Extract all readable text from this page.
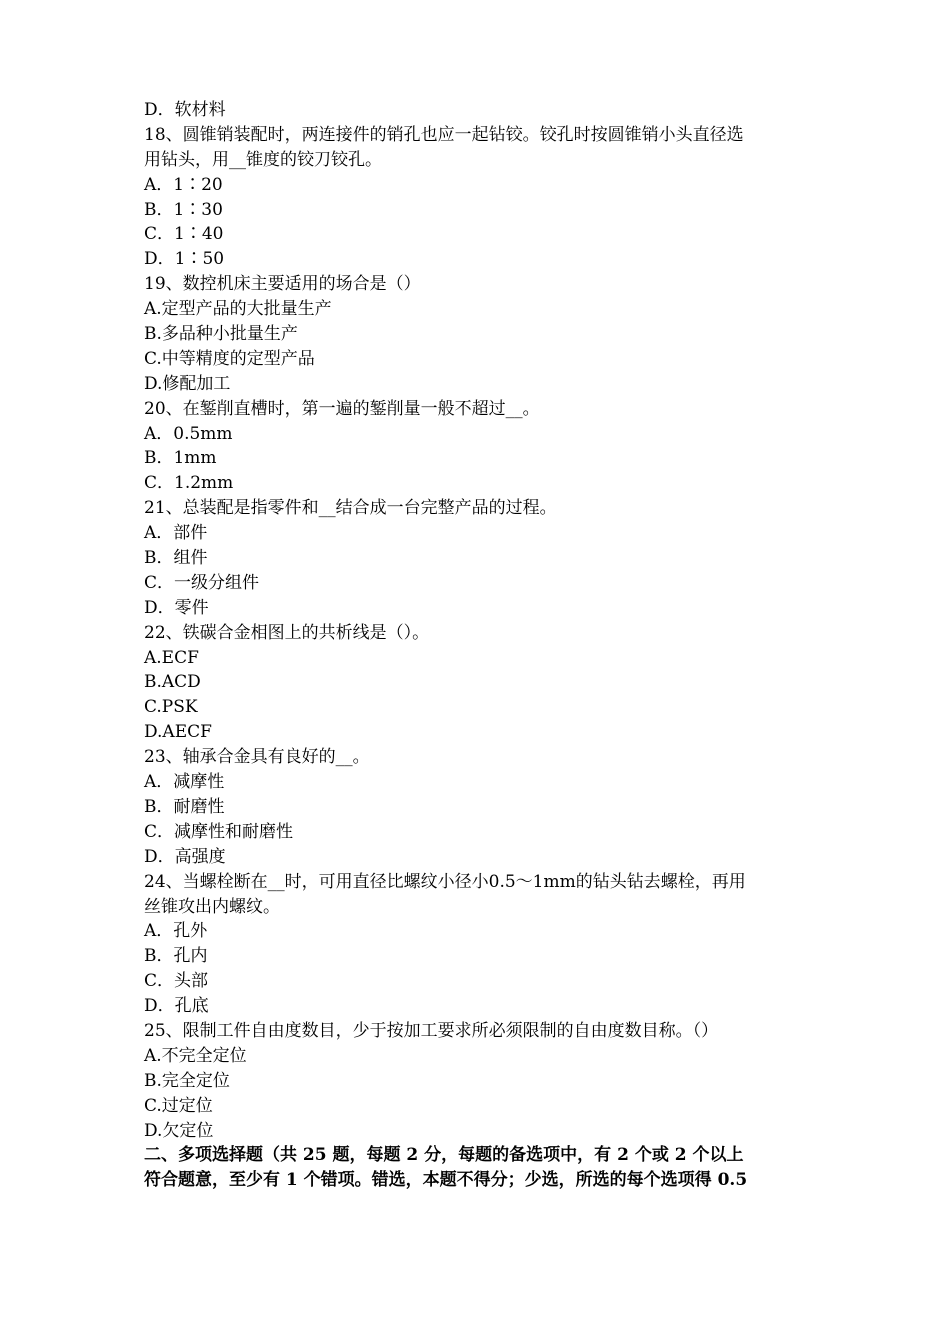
D．软材料
18、圆锥销装配时，两连接件的销孔也应一起钻铰。铰孔时按圆锥销小头直径选
用钻头，用__锥度的铰刀铰孔。
A．1∶20
B．1∶30
C．1∶40
D．1∶50
19、数控机床主要适用的场合是（）
A.定型产品的大批量生产
B.多品种小批量生产
C.中等精度的定型产品
D.修配加工
20、在錾削直槽时，第一遍的錾削量一般不超过__。
A．0.5mm
B．1mm
C．1.2mm
21、总装配是指零件和__结合成一台完整产品的过程。
A．部件
B．组件
C．一级分组件
D．零件
22、铁碳合金相图上的共析线是（）。
A.ECF
B.ACD
C.PSK
D.AECF
23、轴承合金具有良好的__。
A．减摩性
B．耐磨性
C．减摩性和耐磨性
D．高强度
24、当螺栓断在__时，可用直径比螺纹小径小0.5～1mm的钻头钻去螺栓，再用
丝锥攻出内螺纹。
A．孔外
B．孔内
C．头部
D．孔底
25、限制工件自由度数目，少于按加工要求所必须限制的自由度数目称。（）
A.不完全定位
B.完全定位
C.过定位
D.欠定位
二、多项选择题（共 25 题，每题 2 分，每题的备选项中，有 2 个或 2 个以上
符合题意，至少有 1 个错项。错选，本题不得分；少选，所选的每个选项得 0.5
